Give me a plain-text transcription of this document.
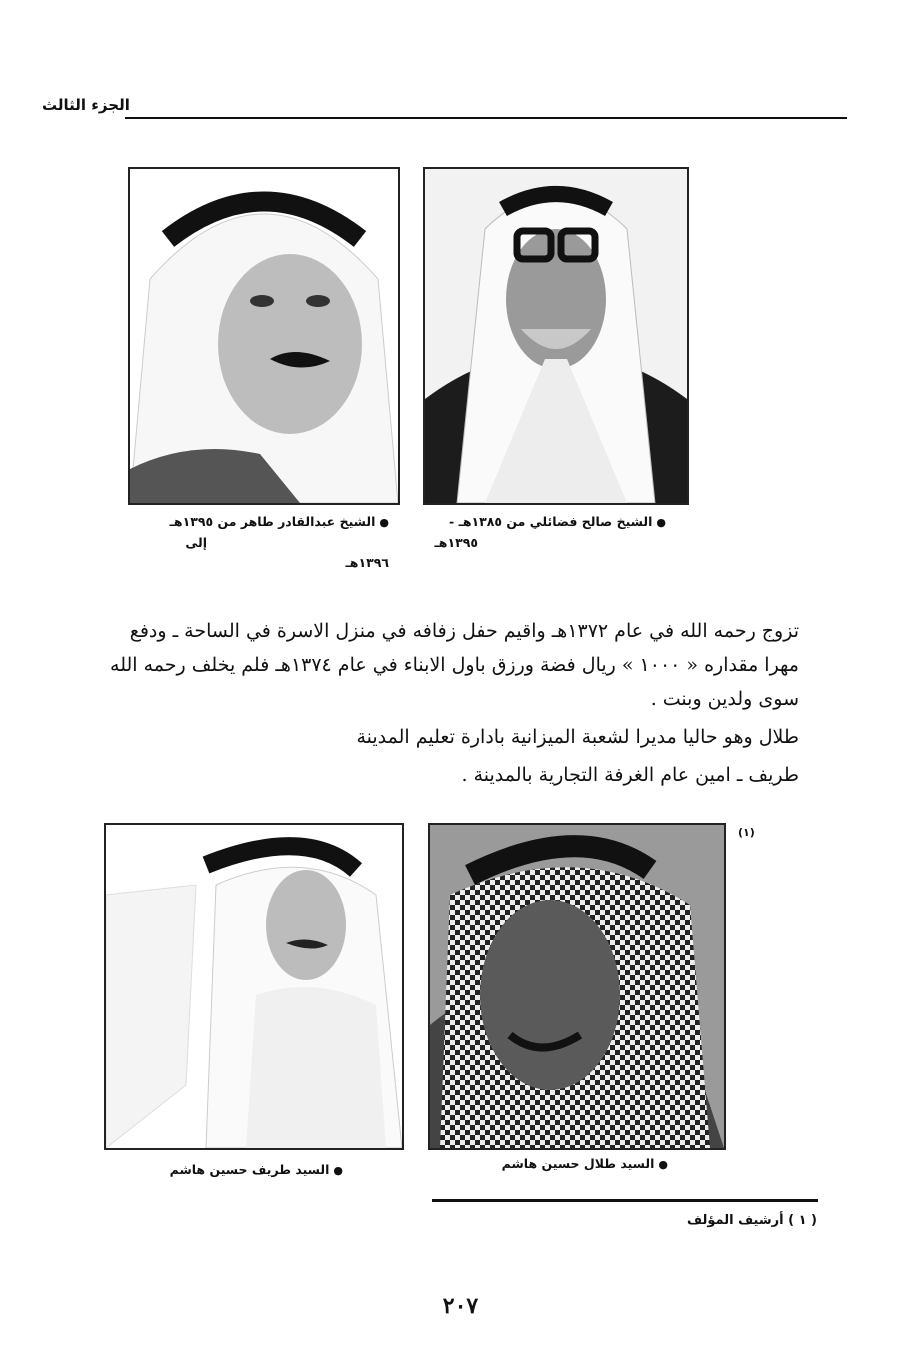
الجزء الثالث
●الشيخ صالح فضائلي من ١٣٨٥هـ -
١٣٩٥هـ
●الشيخ عبدالقادر طاهر من ١٣٩٥هـ
إلى ١٣٩٦هـ

تزوج رحمه الله في عام ١٣٧٢هـ واقيم حفل زفافه في منزل الاسرة في الساحة ـ ودفع
مهرا مقداره « ١٠٠٠ » ريال فضة ورزق باول الابناء في عام ١٣٧٤هـ فلم يخلف رحمه الله
سوى ولدين وبنت .

طلال وهو حاليا مديرا لشعبة الميزانية بادارة تعليم المدينة
طريف ـ امين عام الغرفة التجارية بالمدينة .
(١)
●السيد طلال حسين هاشم
●السيد طريف حسين هاشم
( ١ ) أرشيف المؤلف
٢٠٧
